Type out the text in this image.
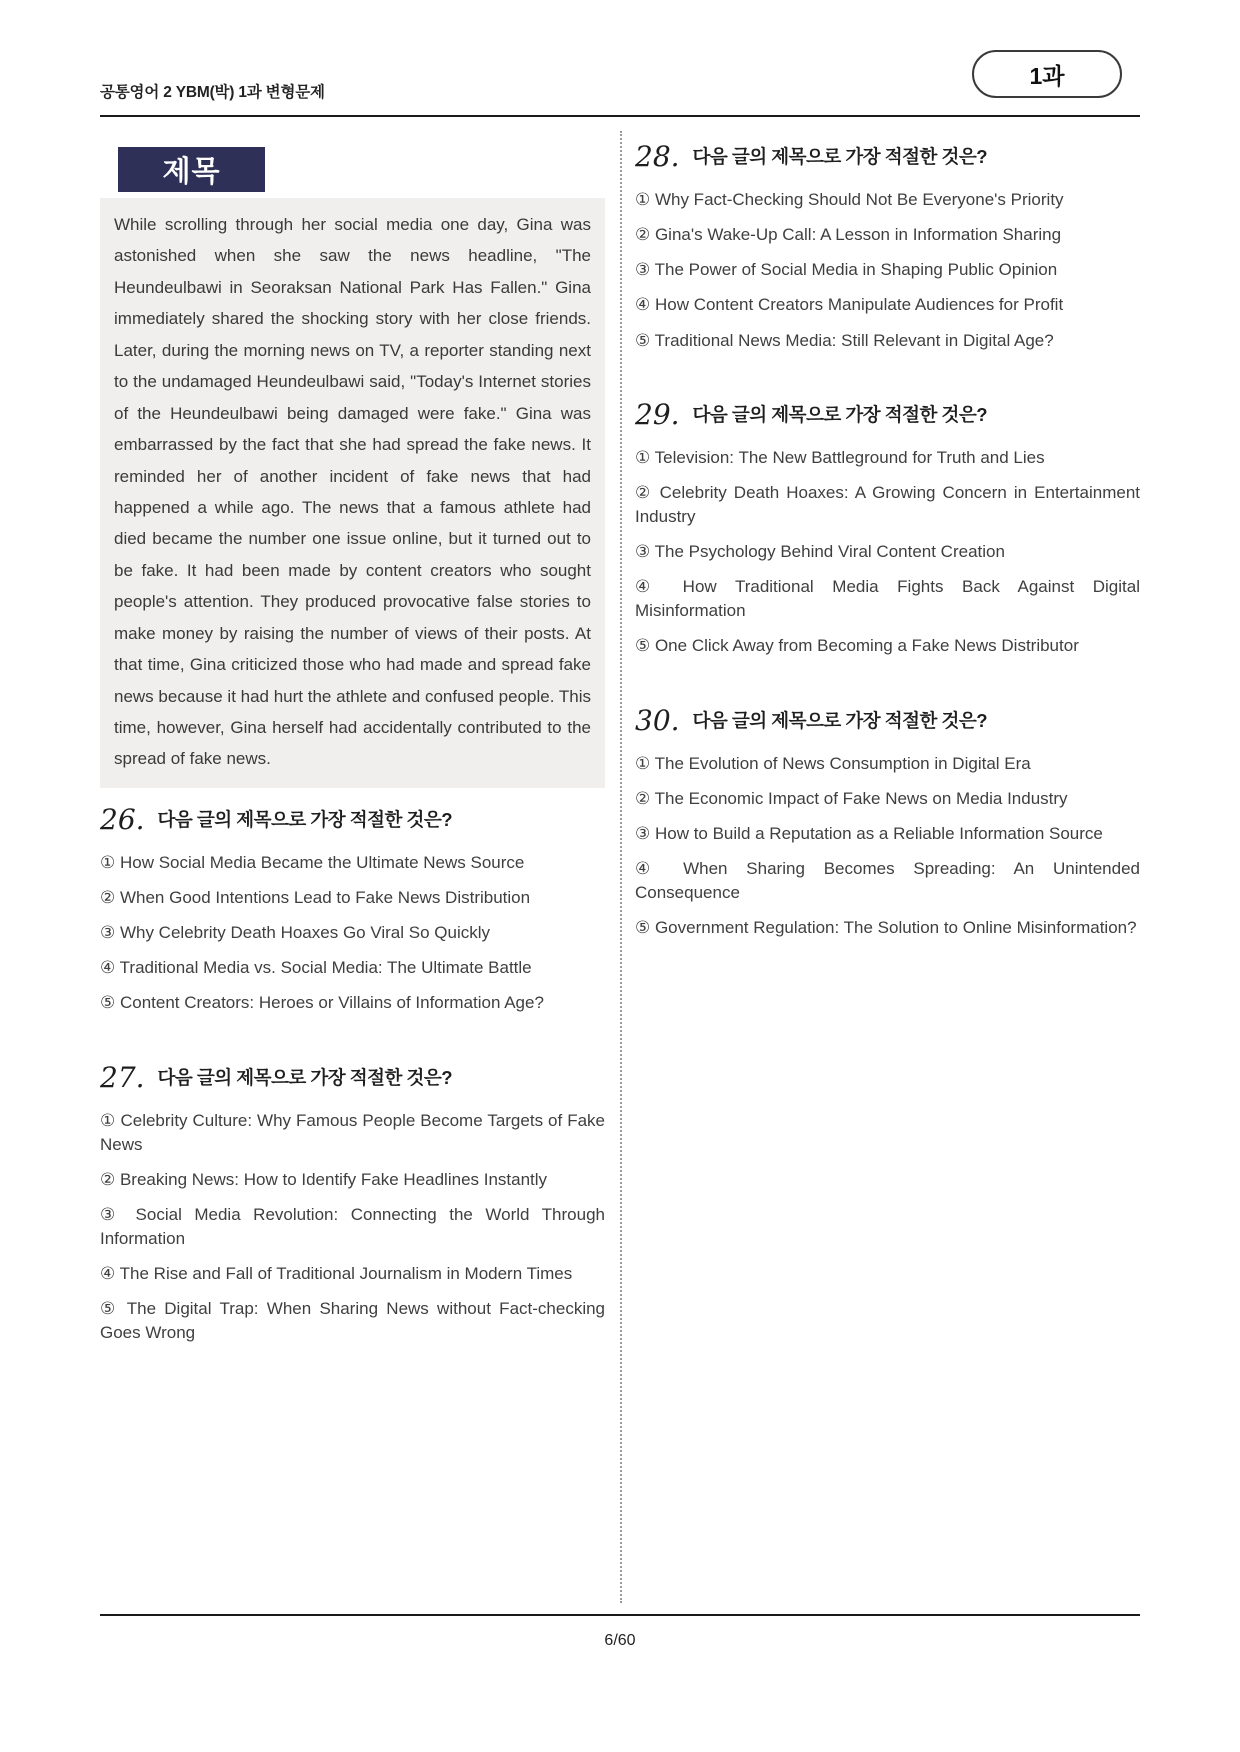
1과
공통영어 2 YBM(박) 1과 변형문제
제목

While scrolling through her social media one day, Gina was astonished when she saw the news headline, "The Heundeulbawi in Seoraksan National Park Has Fallen." Gina immediately shared the shocking story with her close friends. Later, during the morning news on TV, a reporter standing next to the undamaged Heundeulbawi said, "Today's Internet stories of the Heundeulbawi being damaged were fake." Gina was embarrassed by the fact that she had spread the fake news. It reminded her of another incident of fake news that had happened a while ago. The news that a famous athlete had died became the number one issue online, but it turned out to be fake. It had been made by content creators who sought people's attention. They produced provocative false stories to make money by raising the number of views of their posts. At that time, Gina criticized those who had made and spread fake news because it had hurt the athlete and confused people. This time, however, Gina herself had accidentally contributed to the spread of fake news.

26. 다음 글의 제목으로 가장 적절한 것은?

① How Social Media Became the Ultimate News Source

② When Good Intentions Lead to Fake News Distribution

③ Why Celebrity Death Hoaxes Go Viral So Quickly

④ Traditional Media vs. Social Media: The Ultimate Battle

⑤ Content Creators: Heroes or Villains of Information Age?

27. 다음 글의 제목으로 가장 적절한 것은?

① Celebrity Culture: Why Famous People Become Targets of Fake News

② Breaking News: How to Identify Fake Headlines Instantly

③ Social Media Revolution: Connecting the World Through Information

④ The Rise and Fall of Traditional Journalism in Modern Times

⑤ The Digital Trap: When Sharing News without Fact-checking Goes Wrong

28. 다음 글의 제목으로 가장 적절한 것은?

① Why Fact-Checking Should Not Be Everyone's Priority

② Gina's Wake-Up Call: A Lesson in Information Sharing

③ The Power of Social Media in Shaping Public Opinion

④ How Content Creators Manipulate Audiences for Profit

⑤ Traditional News Media: Still Relevant in Digital Age?

29. 다음 글의 제목으로 가장 적절한 것은?

① Television: The New Battleground for Truth and Lies

② Celebrity Death Hoaxes: A Growing Concern in Entertainment Industry

③ The Psychology Behind Viral Content Creation

④ How Traditional Media Fights Back Against Digital Misinformation

⑤ One Click Away from Becoming a Fake News Distributor

30. 다음 글의 제목으로 가장 적절한 것은?

① The Evolution of News Consumption in Digital Era

② The Economic Impact of Fake News on Media Industry

③ How to Build a Reputation as a Reliable Information Source

④ When Sharing Becomes Spreading: An Unintended Consequence

⑤ Government Regulation: The Solution to Online Misinformation?

6/60
